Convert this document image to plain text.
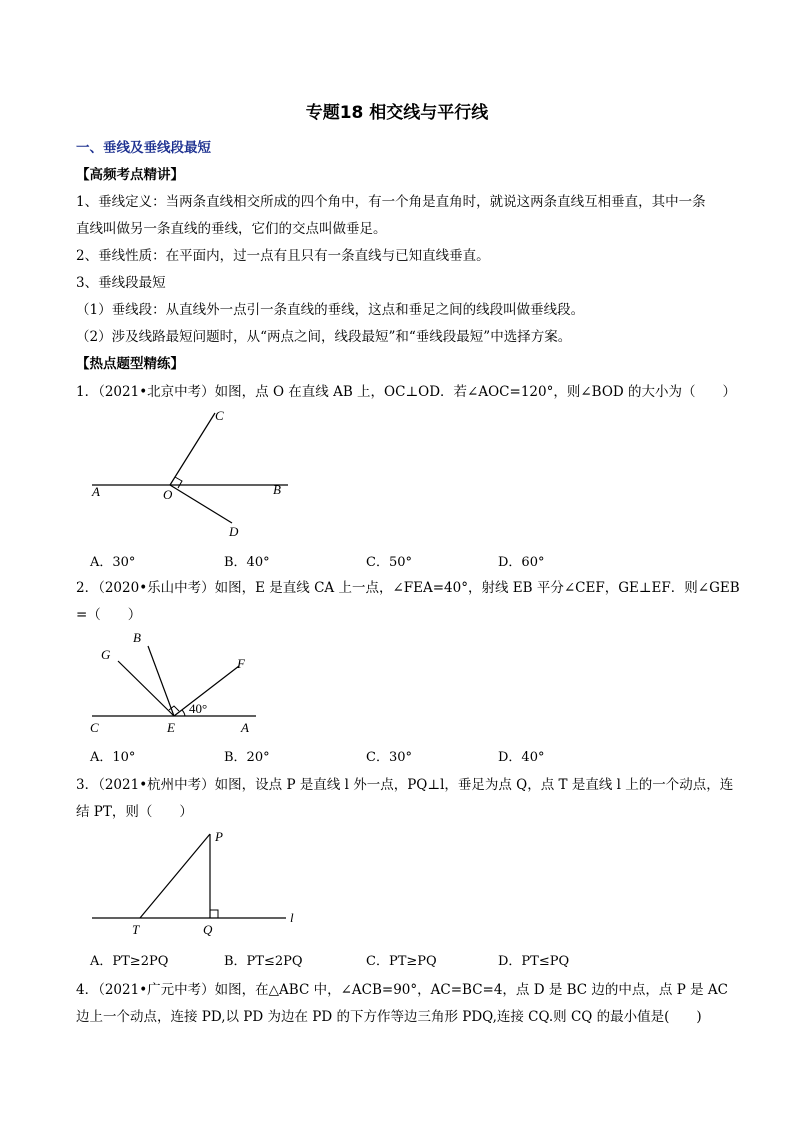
专题18 相交线与平行线
一、垂线及垂线段最短
【高频考点精讲】
1、垂线定义：当两条直线相交所成的四个角中，有一个角是直角时，就说这两条直线互相垂直，其中一条
直线叫做另一条直线的垂线，它们的交点叫做垂足。
2、垂线性质：在平面内，过一点有且只有一条直线与已知直线垂直。
3、垂线段最短
（1）垂线段：从直线外一点引一条直线的垂线，这点和垂足之间的线段叫做垂线段。
（2）涉及线路最短问题时，从“两点之间，线段最短”和“垂线段最短”中选择方案。
【热点题型精练】
1．（2021•北京中考）如图，点 O 在直线 AB 上，OC⊥OD．若∠AOC=120°，则∠BOD 的大小为（　　）
C
A	O	B
D
A．30°	B．40°	C．50°	D．60°
2．（2020•乐山中考）如图，E 是直线 CA 上一点，∠FEA=40°，射线 EB 平分∠CEF，GE⊥EF．则∠GEB
=（　　）
G
B
F
40°
C	E	A
A．10°	B．20°	C．30°	D．40°
3．（2021•杭州中考）如图，设点 P 是直线 l 外一点，PQ⊥l，垂足为点 Q，点 T 是直线 l 上的一个动点，连
结 PT，则（　　）
P
T	Q
l
A．PT≥2PQ	B．PT≤2PQ	C．PT≥PQ	D．PT≤PQ
4．（2021•广元中考）如图，在△ABC 中，∠ACB=90°，AC=BC=4，点 D 是 BC 边的中点，点 P 是 AC
边上一个动点，连接 PD,以 PD 为边在 PD 的下方作等边三角形 PDQ,连接 CQ.则 CQ 的最小值是(　　)
